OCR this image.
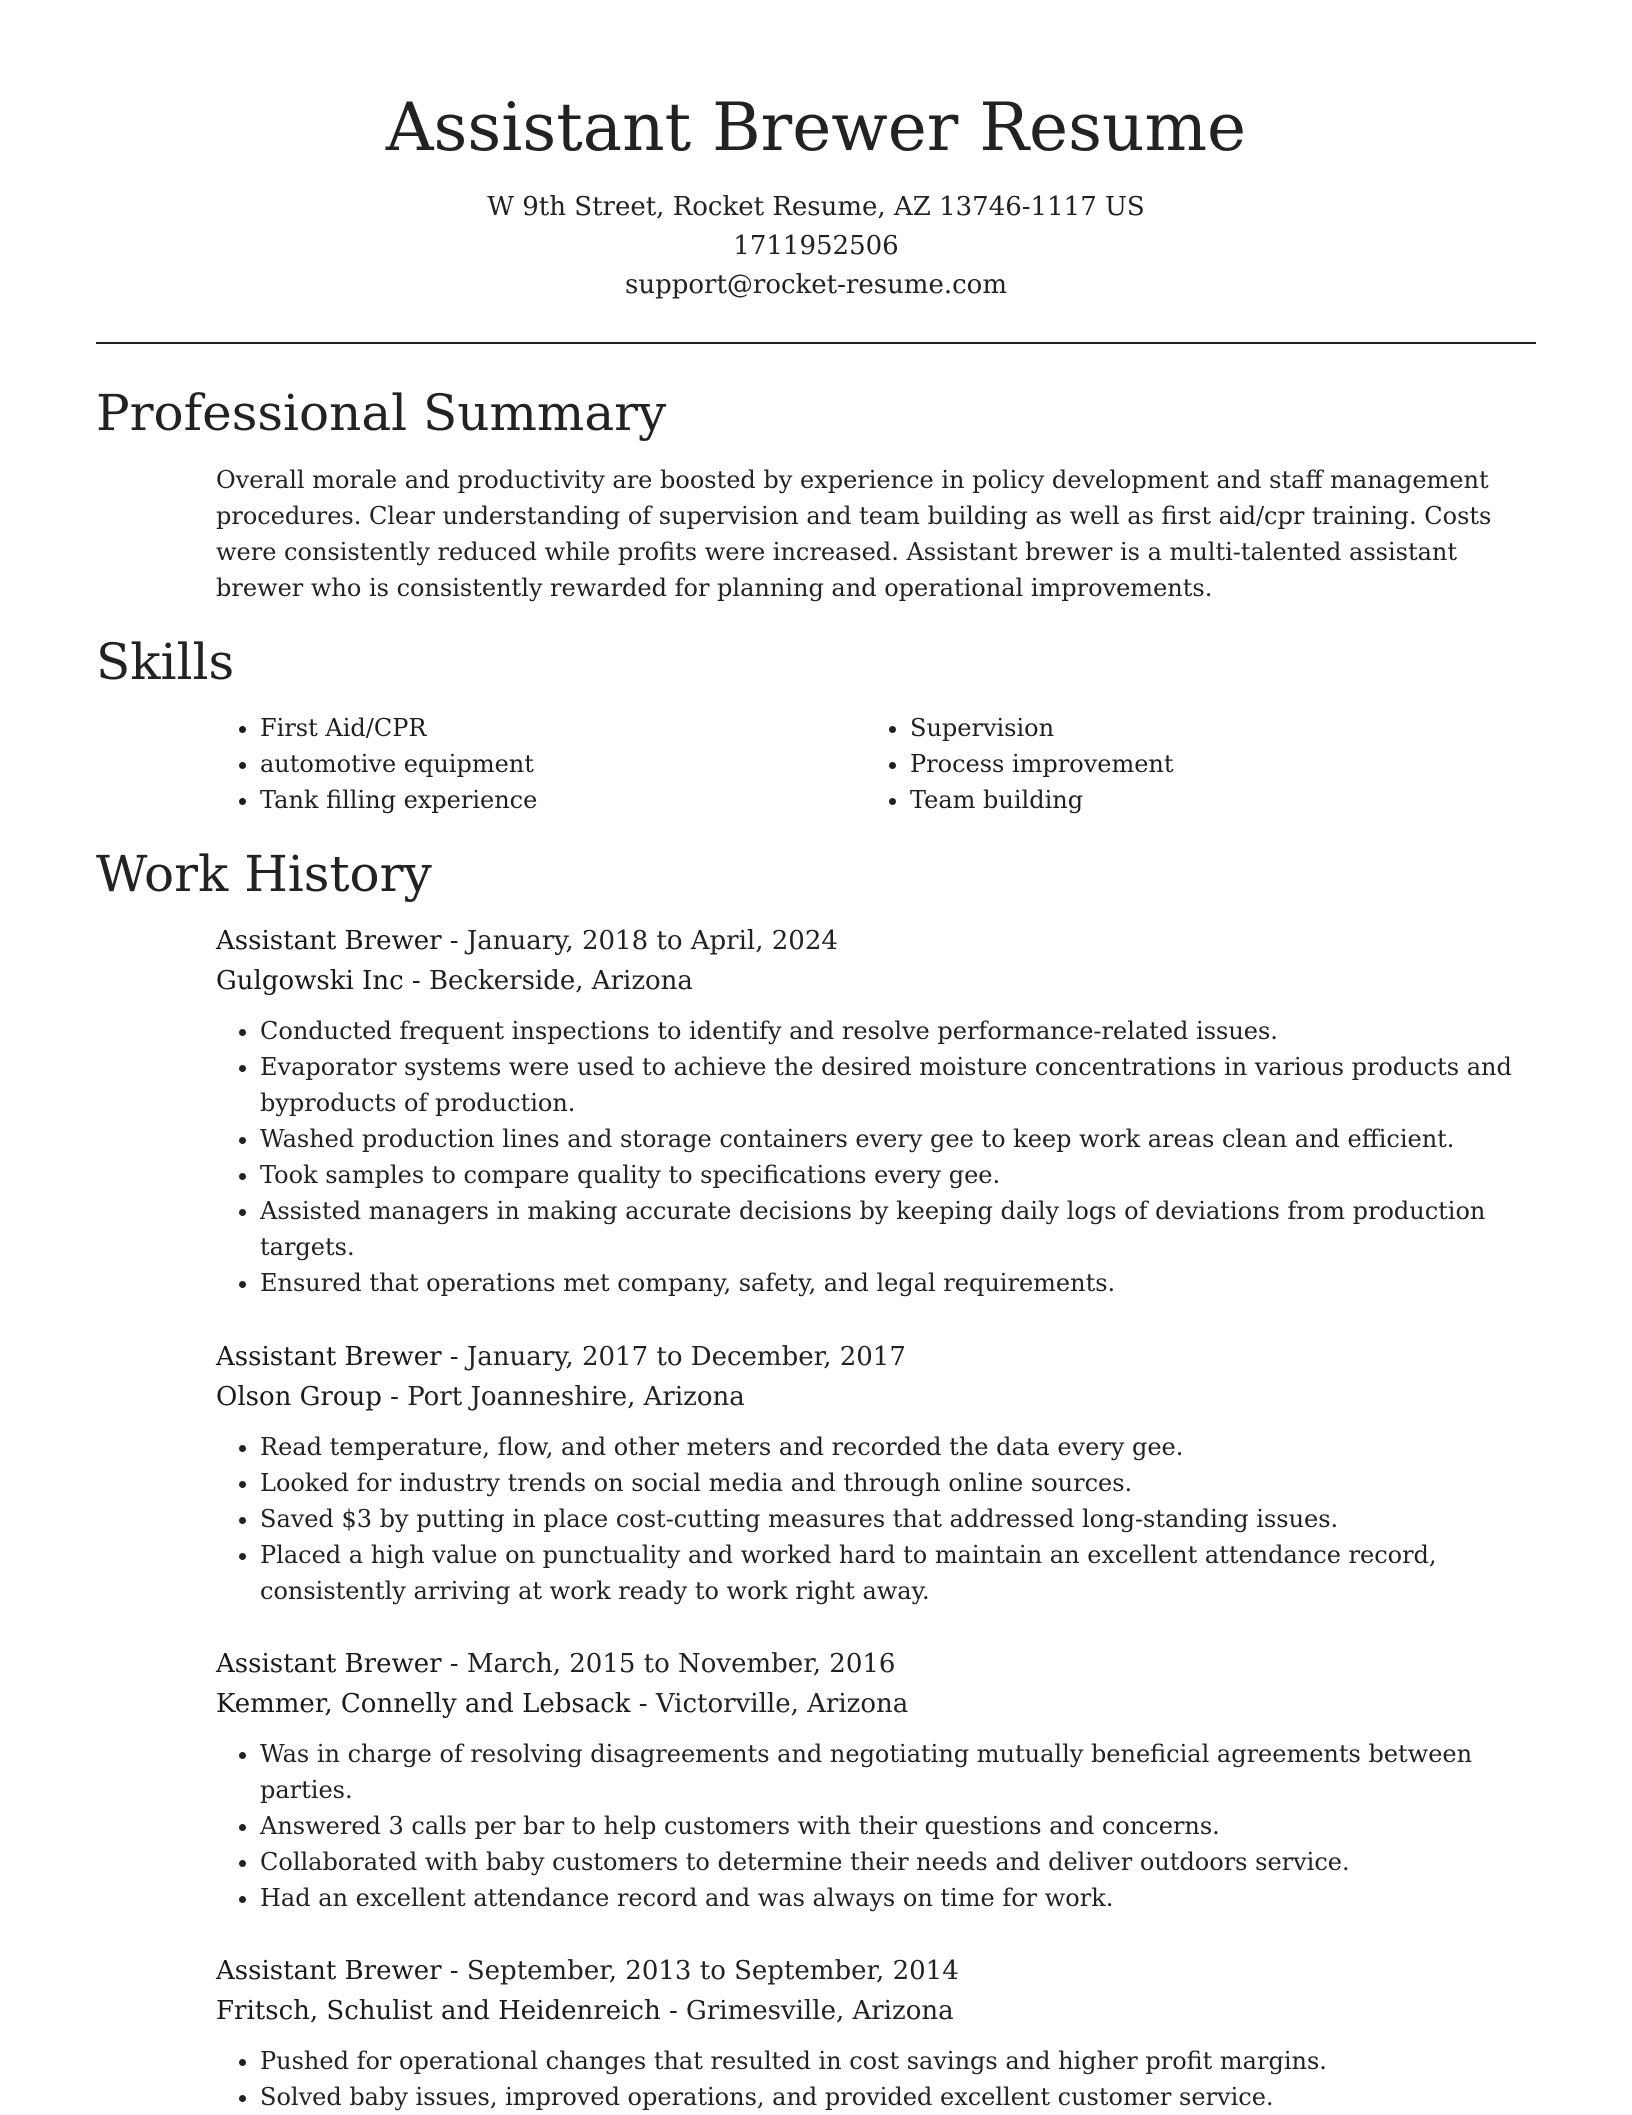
Assistant Brewer Resume
W 9th Street, Rocket Resume, AZ 13746-1117 US
1711952506
support@rocket-resume.com
Professional Summary

Overall morale and productivity are boosted by experience in policy development and staff management procedures. Clear understanding of supervision and team building as well as first aid/cpr training. Costs were consistently reduced while profits were increased. Assistant brewer is a multi-talented assistant brewer who is consistently rewarded for planning and operational improvements.

Skills
• First Aid/CPR
• automotive equipment
• Tank filling experience
• Supervision
• Process improvement
• Team building
Work History
Assistant Brewer - January, 2018 to April, 2024
Gulgowski Inc - Beckerside, Arizona
• Conducted frequent inspections to identify and resolve performance-related issues.
• Evaporator systems were used to achieve the desired moisture concentrations in various products and byproducts of production.
• Washed production lines and storage containers every gee to keep work areas clean and efficient.
• Took samples to compare quality to specifications every gee.
• Assisted managers in making accurate decisions by keeping daily logs of deviations from production targets.
• Ensured that operations met company, safety, and legal requirements.
Assistant Brewer - January, 2017 to December, 2017
Olson Group - Port Joanneshire, Arizona
• Read temperature, flow, and other meters and recorded the data every gee.
• Looked for industry trends on social media and through online sources.
• Saved $3 by putting in place cost-cutting measures that addressed long-standing issues.
• Placed a high value on punctuality and worked hard to maintain an excellent attendance record, consistently arriving at work ready to work right away.
Assistant Brewer - March, 2015 to November, 2016
Kemmer, Connelly and Lebsack - Victorville, Arizona
• Was in charge of resolving disagreements and negotiating mutually beneficial agreements between parties.
• Answered 3 calls per bar to help customers with their questions and concerns.
• Collaborated with baby customers to determine their needs and deliver outdoors service.
• Had an excellent attendance record and was always on time for work.
Assistant Brewer - September, 2013 to September, 2014
Fritsch, Schulist and Heidenreich - Grimesville, Arizona
• Pushed for operational changes that resulted in cost savings and higher profit margins.
• Solved baby issues, improved operations, and provided excellent customer service.
